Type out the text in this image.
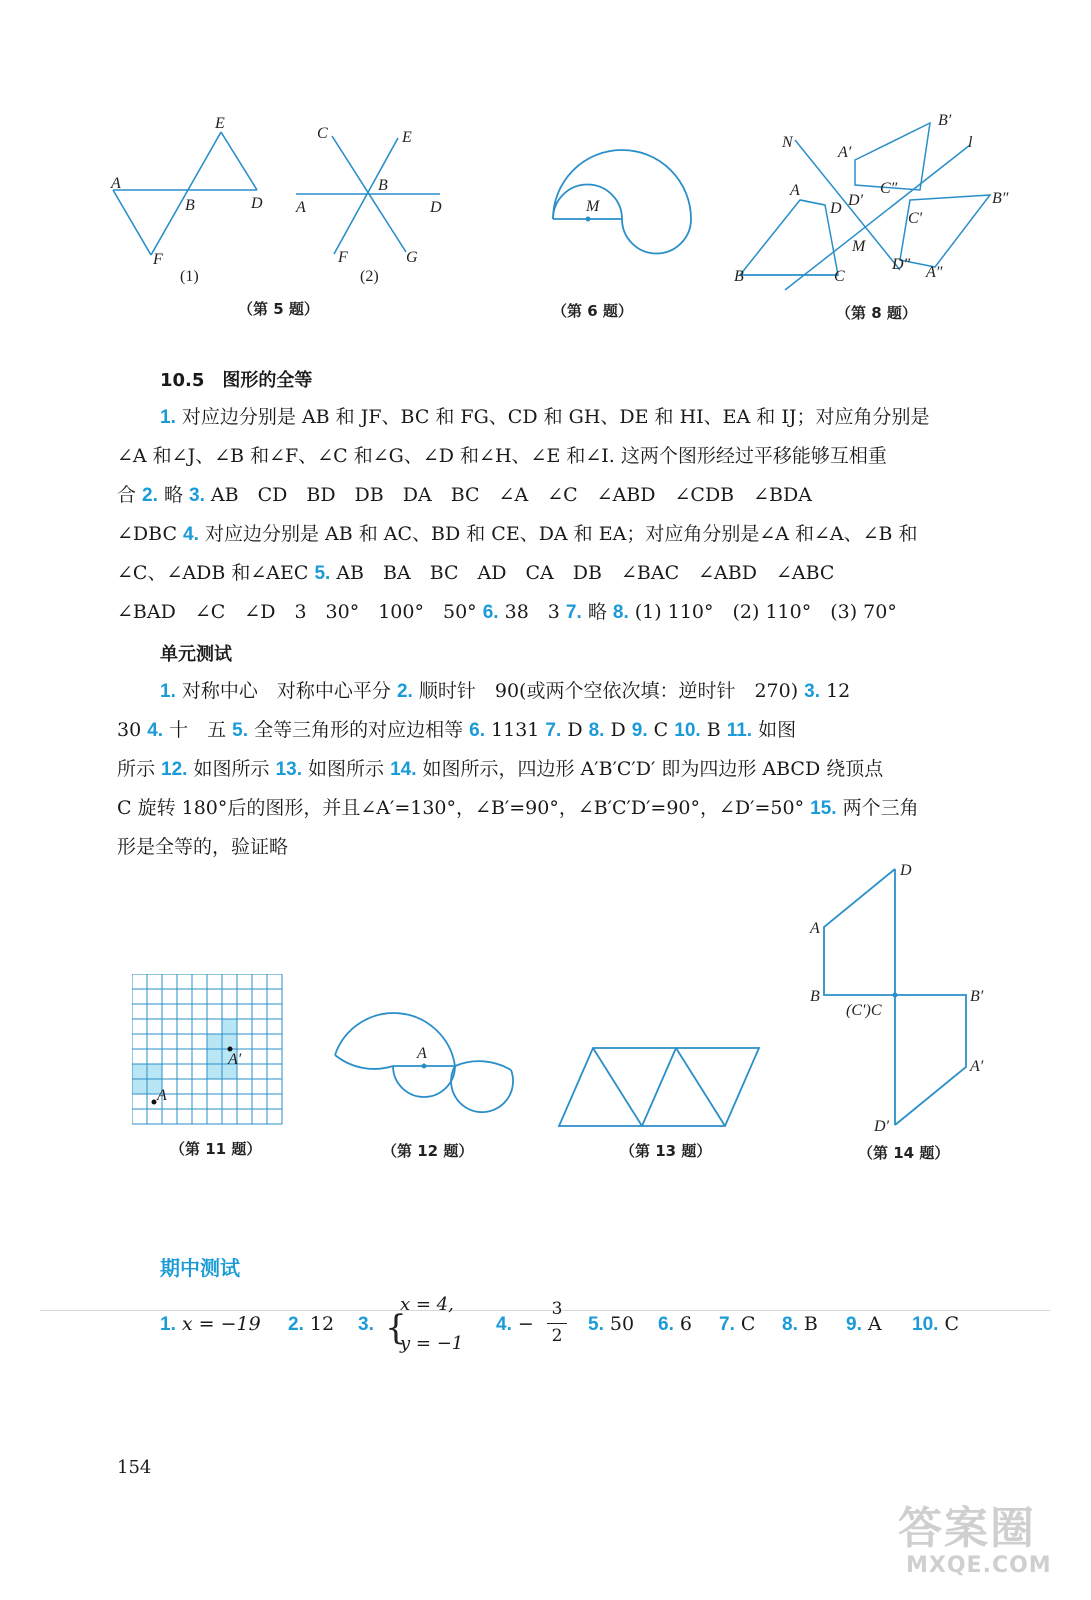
A
B	D
E
F
(1)
C	E
B
A	D
F	G
(2)
（第 5 题）
M
（第 6 题）
N
B′
l
A′
A
D D′
C″
C′
B″
M
B	C
D″ A″
（第 8 题）
10.5　图形的全等
1. 对应边分别是 AB 和 JF、BC 和 FG、CD 和 GH、DE 和 HI、EA 和 IJ；对应角分别是
∠A 和∠J、∠B 和∠F、∠C 和∠G、∠D 和∠H、∠E 和∠I. 这两个图形经过平移能够互相重
合 2. 略 3. AB　CD　BD　DB　DA　BC　∠A　∠C　∠ABD　∠CDB　∠BDA
∠DBC 4. 对应边分别是 AB 和 AC、BD 和 CE、DA 和 EA；对应角分别是∠A 和∠A、∠B 和
∠C、∠ADB 和∠AEC 5. AB　BA　BC　AD　CA　DB　∠BAC　∠ABD　∠ABC
∠BAD　∠C　∠D　3　30°　100°　50° 6. 38　3 7. 略 8. (1) 110°　(2) 110°　(3) 70°
单元测试
1. 对称中心　对称中心平分 2. 顺时针　90(或两个空依次填：逆时针　270) 3. 12
30 4. 十　五 5. 全等三角形的对应边相等 6. 1131 7. D 8. D 9. C 10. B 11. 如图
所示 12. 如图所示 13. 如图所示 14. 如图所示，四边形 A′B′C′D′ 即为四边形 ABCD 绕顶点
C 旋转 180°后的图形，并且∠A′=130°，∠B′=90°，∠B′C′D′=90°，∠D′=50° 15. 两个三角
形是全等的，验证略
A
A′
（第 11 题）
A
（第 12 题）	（第 13 题）
D
A
B
(C′)C
B′
A′
D′
（第 14 题）
期中测试
1. x = −19 2. 12 3. {
x = 4,
y = −1
4. −
3
2
5. 50 6. 6 7. C 8. B 9. A 10. C
154
答案圈
MXQE.COM
